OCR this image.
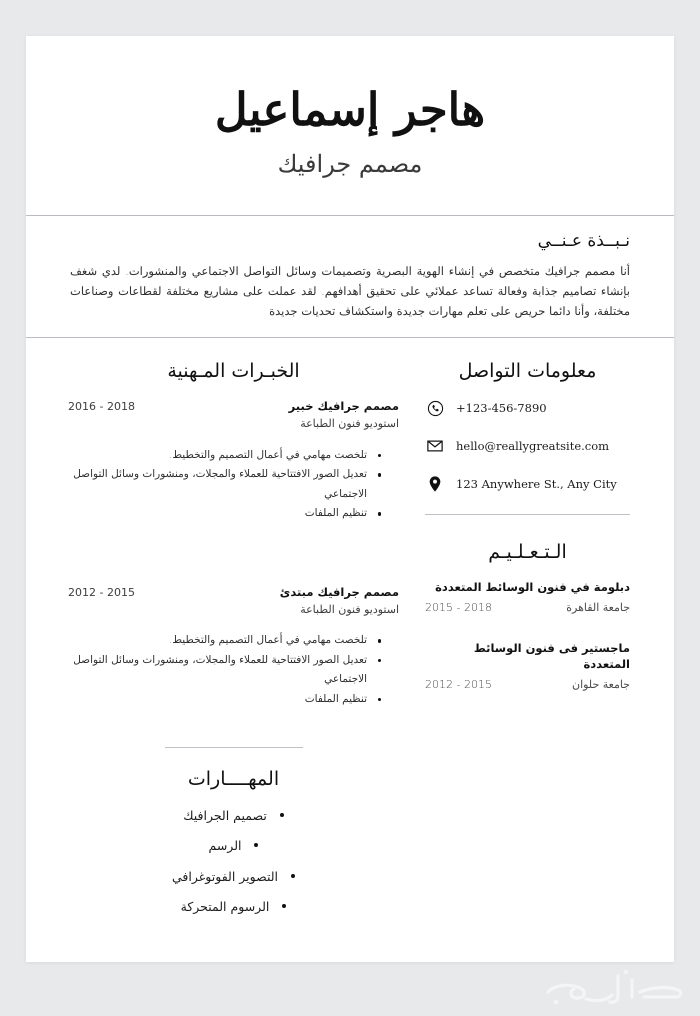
هاجر إسماعيل

مصمم جرافيك

نـبــذة عـنــي

أنا مصمم جرافيك متخصص في إنشاء الهوية البصرية وتصميمات وسائل التواصل الاجتماعي والمنشورات. لدي شغف بإنشاء تصاميم جذابة وفعالة تساعد عملائي على تحقيق أهدافهم. لقد عملت على مشاريع مختلفة لقطاعات وصناعات مختلفة، وأنا دائما حريص على تعلم مهارات جديدة واستكشاف تحديات جديدة

معلومات التواصل
+123-456-7890
hello@reallygreatsite.com
123 Anywhere St., Any City
الـتـعـلـيـم
دبلومة في فنون الوسائط المتعددة
جامعة القاهرة
2015 - 2018
ماجستير فى فنون الوسائط المتعددة
جامعة حلوان
2012 - 2015
الخبـرات المـهنية

مصمم جرافيك خبير

استوديو فنون الطباعة

2016 - 2018
تلخصت مهامي في أعمال التصميم والتخطيط.
تعديل الصور الافتتاحية للعملاء والمجلات، ومنشورات وسائل التواصل الاجتماعي
تنظيم الملفات

مصمم جرافيك مبتدئ

استوديو فنون الطباعة

2012 - 2015
تلخصت مهامي في أعمال التصميم والتخطيط.
تعديل الصور الافتتاحية للعملاء والمجلات، ومنشورات وسائل التواصل الاجتماعي
تنظيم الملفات
المهــــارات
تصميم الجرافيك
الرسم
التصوير الفوتوغرافي
الرسوم المتحركة
